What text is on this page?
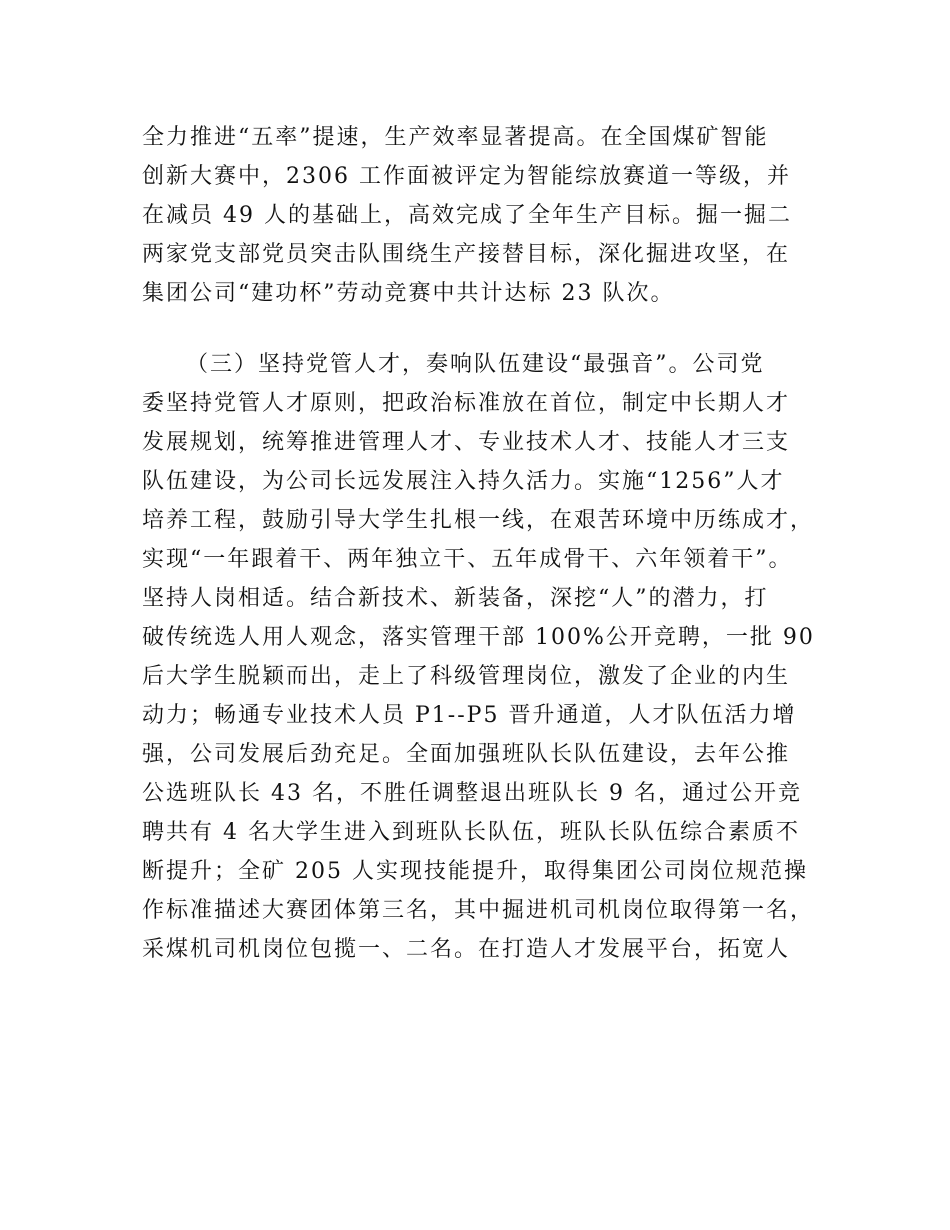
全力推进“五率”提速，生产效率显著提高。在全国煤矿智能
创新大赛中，2306 工作面被评定为智能综放赛道一等级，并
在减员 49 人的基础上，高效完成了全年生产目标。掘一掘二
两家党支部党员突击队围绕生产接替目标，深化掘进攻坚，在
集团公司“建功杯”劳动竞赛中共计达标 23 队次。
（三）坚持党管人才，奏响队伍建设“最强音”。公司党
委坚持党管人才原则，把政治标准放在首位，制定中长期人才
发展规划，统筹推进管理人才、专业技术人才、技能人才三支
队伍建设，为公司长远发展注入持久活力。实施“1256”人才
培养工程，鼓励引导大学生扎根一线，在艰苦环境中历练成才，
实现“一年跟着干、两年独立干、五年成骨干、六年领着干”。
坚持人岗相适。结合新技术、新装备，深挖“人”的潜力，打
破传统选人用人观念，落实管理干部 100%公开竞聘，一批 90
后大学生脱颖而出，走上了科级管理岗位，激发了企业的内生
动力；畅通专业技术人员 P1--P5 晋升通道，人才队伍活力增
强，公司发展后劲充足。全面加强班队长队伍建设，去年公推
公选班队长 43 名，不胜任调整退出班队长 9 名，通过公开竞
聘共有 4 名大学生进入到班队长队伍，班队长队伍综合素质不
断提升；全矿 205 人实现技能提升，取得集团公司岗位规范操
作标准描述大赛团体第三名，其中掘进机司机岗位取得第一名，
采煤机司机岗位包揽一、二名。在打造人才发展平台，拓宽人
